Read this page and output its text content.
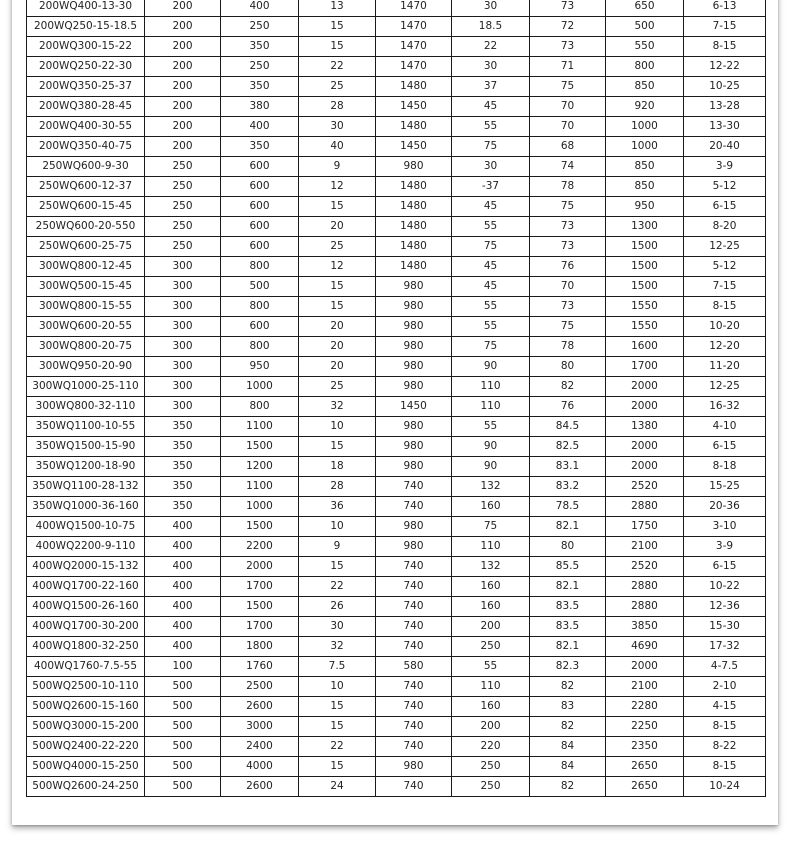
200WQ400-13-30	200	400	13	1470	30	73	650	6-13
200WQ250-15-18.5	200	250	15	1470	18.5	72	500	7-15
200WQ300-15-22	200	350	15	1470	22	73	550	8-15
200WQ250-22-30	200	250	22	1470	30	71	800	12-22
200WQ350-25-37	200	350	25	1480	37	75	850	10-25
200WQ380-28-45	200	380	28	1450	45	70	920	13-28
200WQ400-30-55	200	400	30	1480	55	70	1000	13-30
200WQ350-40-75	200	350	40	1450	75	68	1000	20-40
250WQ600-9-30	250	600	9	980	30	74	850	3-9
250WQ600-12-37	250	600	12	1480	-37	78	850	5-12
250WQ600-15-45	250	600	15	1480	45	75	950	6-15
250WQ600-20-550	250	600	20	1480	55	73	1300	8-20
250WQ600-25-75	250	600	25	1480	75	73	1500	12-25
300WQ800-12-45	300	800	12	1480	45	76	1500	5-12
300WQ500-15-45	300	500	15	980	45	70	1500	7-15
300WQ800-15-55	300	800	15	980	55	73	1550	8-15
300WQ600-20-55	300	600	20	980	55	75	1550	10-20
300WQ800-20-75	300	800	20	980	75	78	1600	12-20
300WQ950-20-90	300	950	20	980	90	80	1700	11-20
300WQ1000-25-110	300	1000	25	980	110	82	2000	12-25
300WQ800-32-110	300	800	32	1450	110	76	2000	16-32
350WQ1100-10-55	350	1100	10	980	55	84.5	1380	4-10
350WQ1500-15-90	350	1500	15	980	90	82.5	2000	6-15
350WQ1200-18-90	350	1200	18	980	90	83.1	2000	8-18
350WQ1100-28-132	350	1100	28	740	132	83.2	2520	15-25
350WQ1000-36-160	350	1000	36	740	160	78.5	2880	20-36
400WQ1500-10-75	400	1500	10	980	75	82.1	1750	3-10
400WQ2200-9-110	400	2200	9	980	110	80	2100	3-9
400WQ2000-15-132	400	2000	15	740	132	85.5	2520	6-15
400WQ1700-22-160	400	1700	22	740	160	82.1	2880	10-22
400WQ1500-26-160	400	1500	26	740	160	83.5	2880	12-36
400WQ1700-30-200	400	1700	30	740	200	83.5	3850	15-30
400WQ1800-32-250	400	1800	32	740	250	82.1	4690	17-32
400WQ1760-7.5-55	100	1760	7.5	580	55	82.3	2000	4-7.5
500WQ2500-10-110	500	2500	10	740	110	82	2100	2-10
500WQ2600-15-160	500	2600	15	740	160	83	2280	4-15
500WQ3000-15-200	500	3000	15	740	200	82	2250	8-15
500WQ2400-22-220	500	2400	22	740	220	84	2350	8-22
500WQ4000-15-250	500	4000	15	980	250	84	2650	8-15
500WQ2600-24-250	500	2600	24	740	250	82	2650	10-24
